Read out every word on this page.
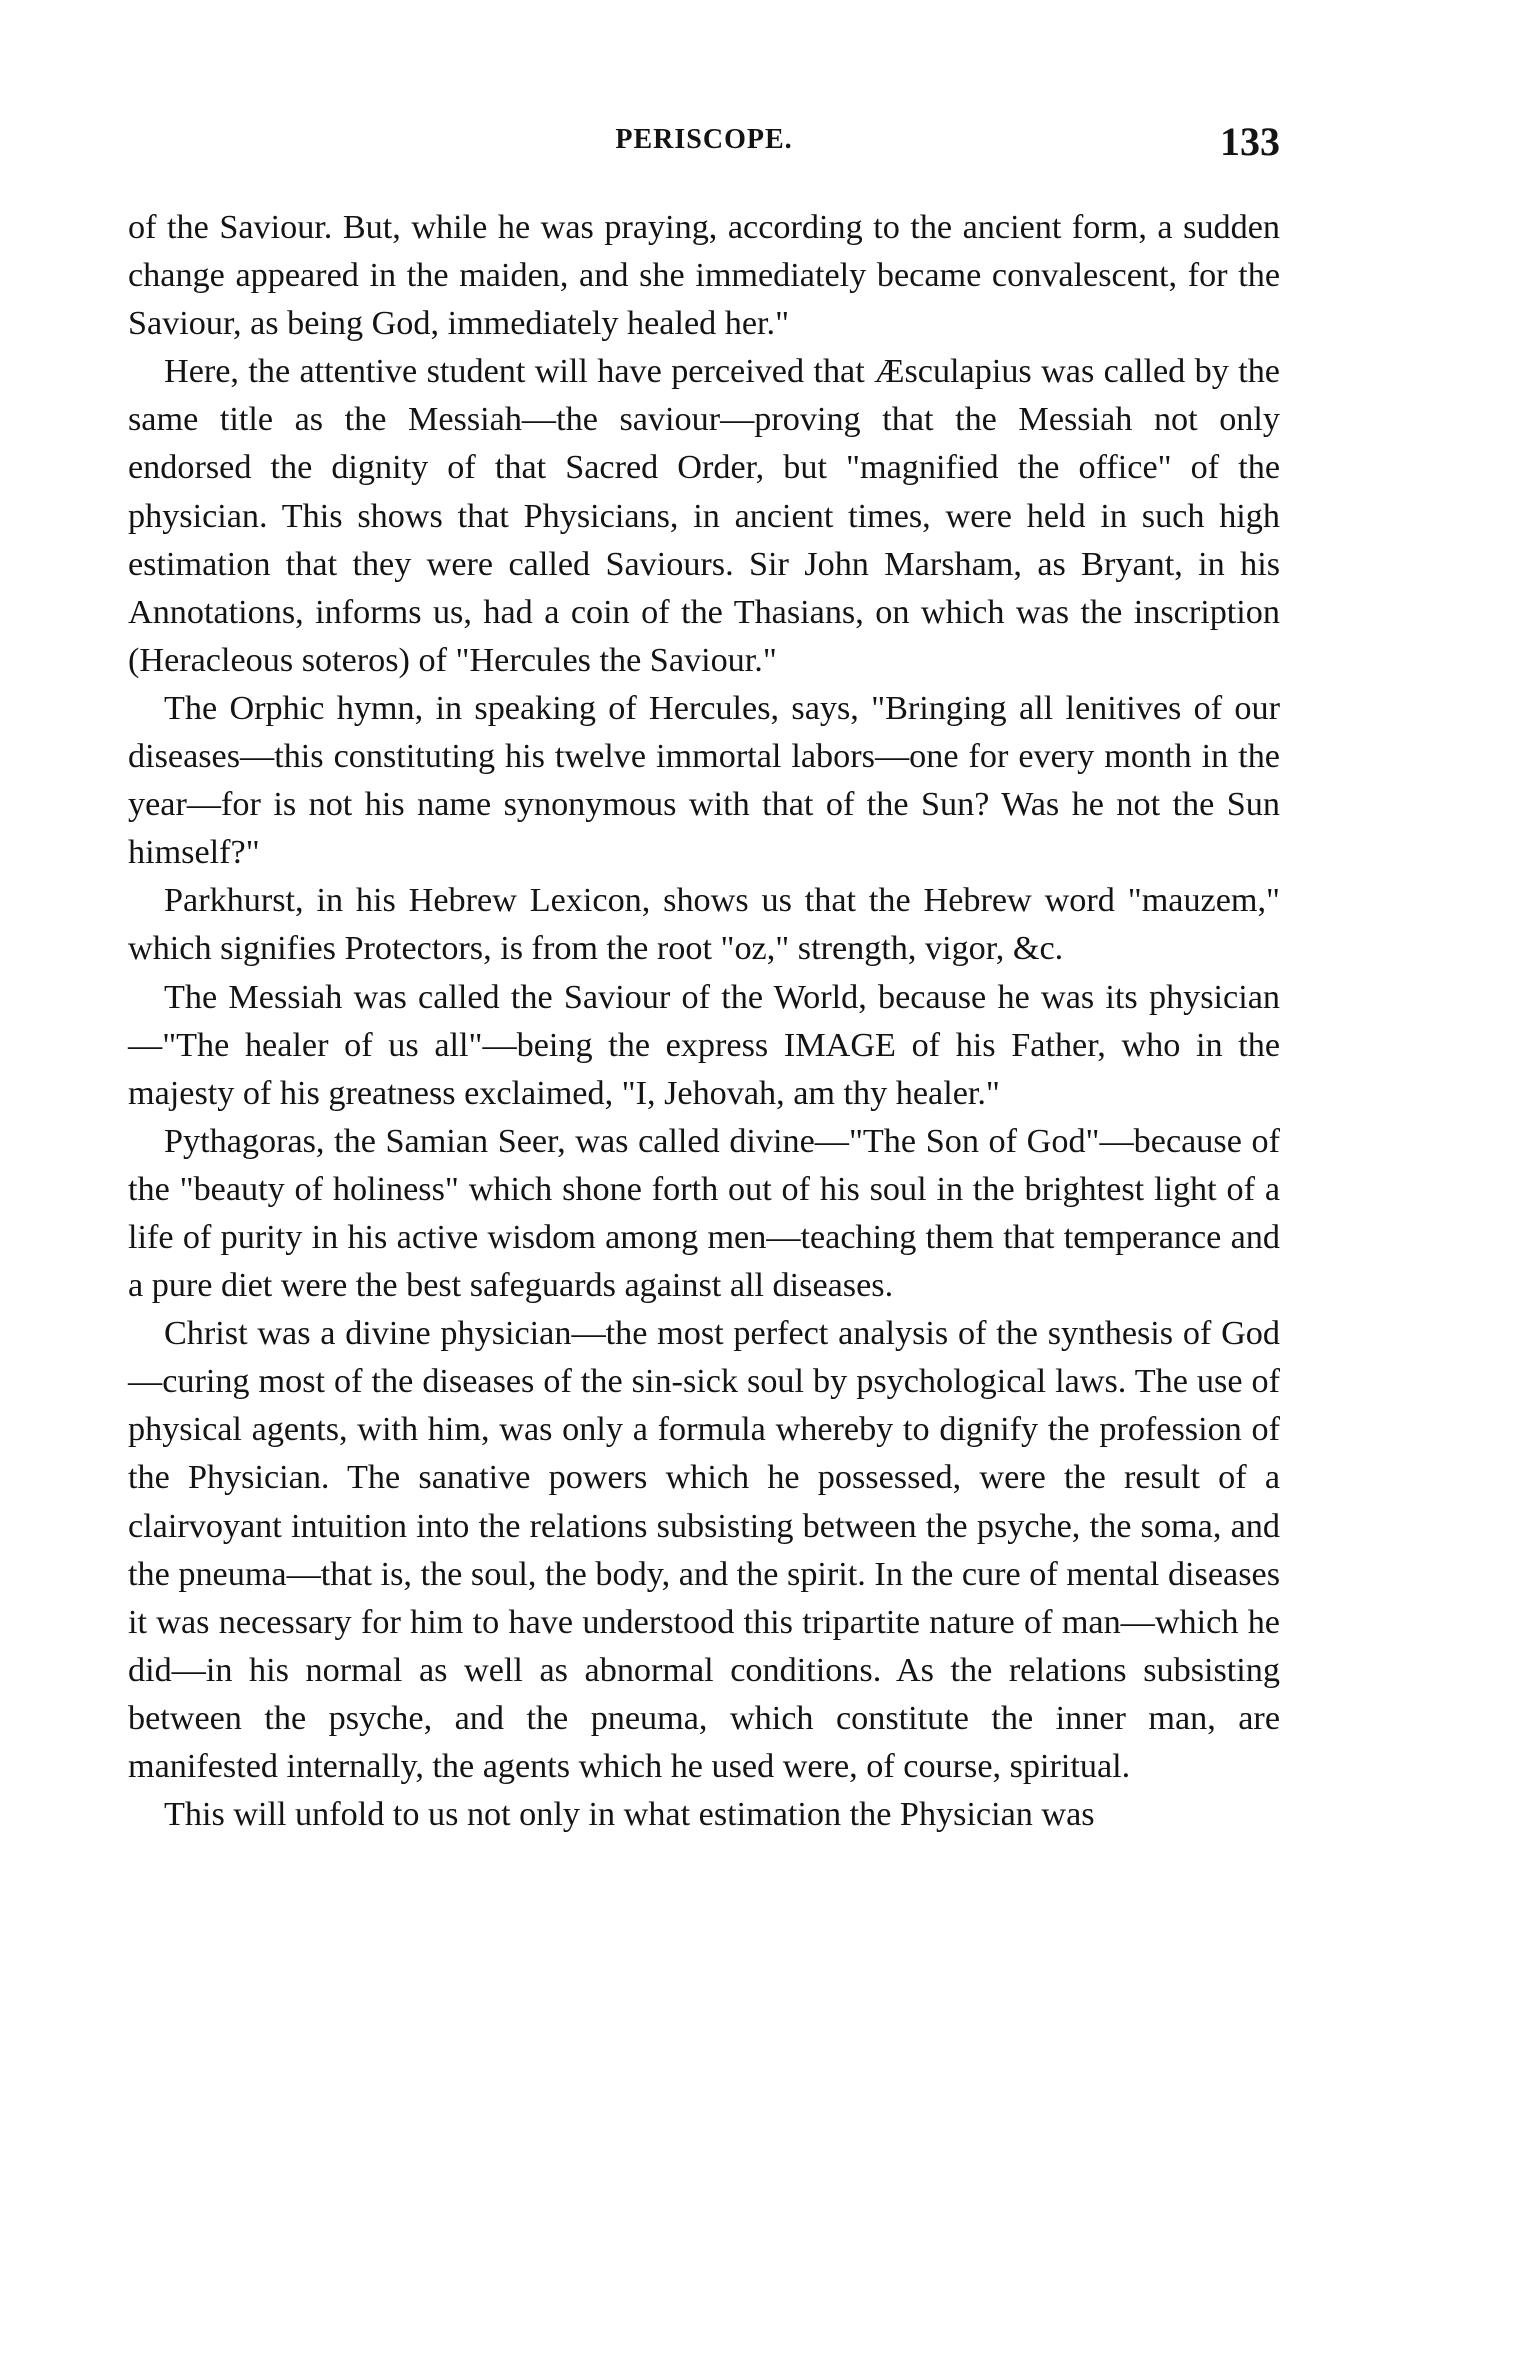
PERISCOPE.	133

of the Saviour. But, while he was praying, according to the ancient form, a sudden change appeared in the maiden, and she immediately became convalescent, for the Saviour, as being God, immediately healed her."

Here, the attentive student will have perceived that Æsculapius was called by the same title as the Messiah—the saviour—proving that the Messiah not only endorsed the dignity of that Sacred Order, but "magnified the office" of the physician. This shows that Physicians, in ancient times, were held in such high estimation that they were called Saviours. Sir John Marsham, as Bryant, in his Annotations, informs us, had a coin of the Thasians, on which was the inscription (Heracleous soteros) of "Hercules the Saviour."

The Orphic hymn, in speaking of Hercules, says, "Bringing all lenitives of our diseases—this constituting his twelve immortal labors—one for every month in the year—for is not his name synonymous with that of the Sun? Was he not the Sun himself?"

Parkhurst, in his Hebrew Lexicon, shows us that the Hebrew word "mauzem," which signifies Protectors, is from the root "oz," strength, vigor, &c.

The Messiah was called the Saviour of the World, because he was its physician—"The healer of us all"—being the express IMAGE of his Father, who in the majesty of his greatness exclaimed, "I, Jehovah, am thy healer."

Pythagoras, the Samian Seer, was called divine—"The Son of God"—because of the "beauty of holiness" which shone forth out of his soul in the brightest light of a life of purity in his active wisdom among men—teaching them that temperance and a pure diet were the best safeguards against all diseases.

Christ was a divine physician—the most perfect analysis of the synthesis of God—curing most of the diseases of the sin-sick soul by psychological laws. The use of physical agents, with him, was only a formula whereby to dignify the profession of the Physician. The sanative powers which he possessed, were the result of a clairvoyant intuition into the relations subsisting between the psyche, the soma, and the pneuma—that is, the soul, the body, and the spirit. In the cure of mental diseases it was necessary for him to have understood this tripartite nature of man—which he did—in his normal as well as abnormal conditions. As the relations subsisting between the psyche, and the pneuma, which constitute the inner man, are manifested internally, the agents which he used were, of course, spiritual.

This will unfold to us not only in what estimation the Physician was
